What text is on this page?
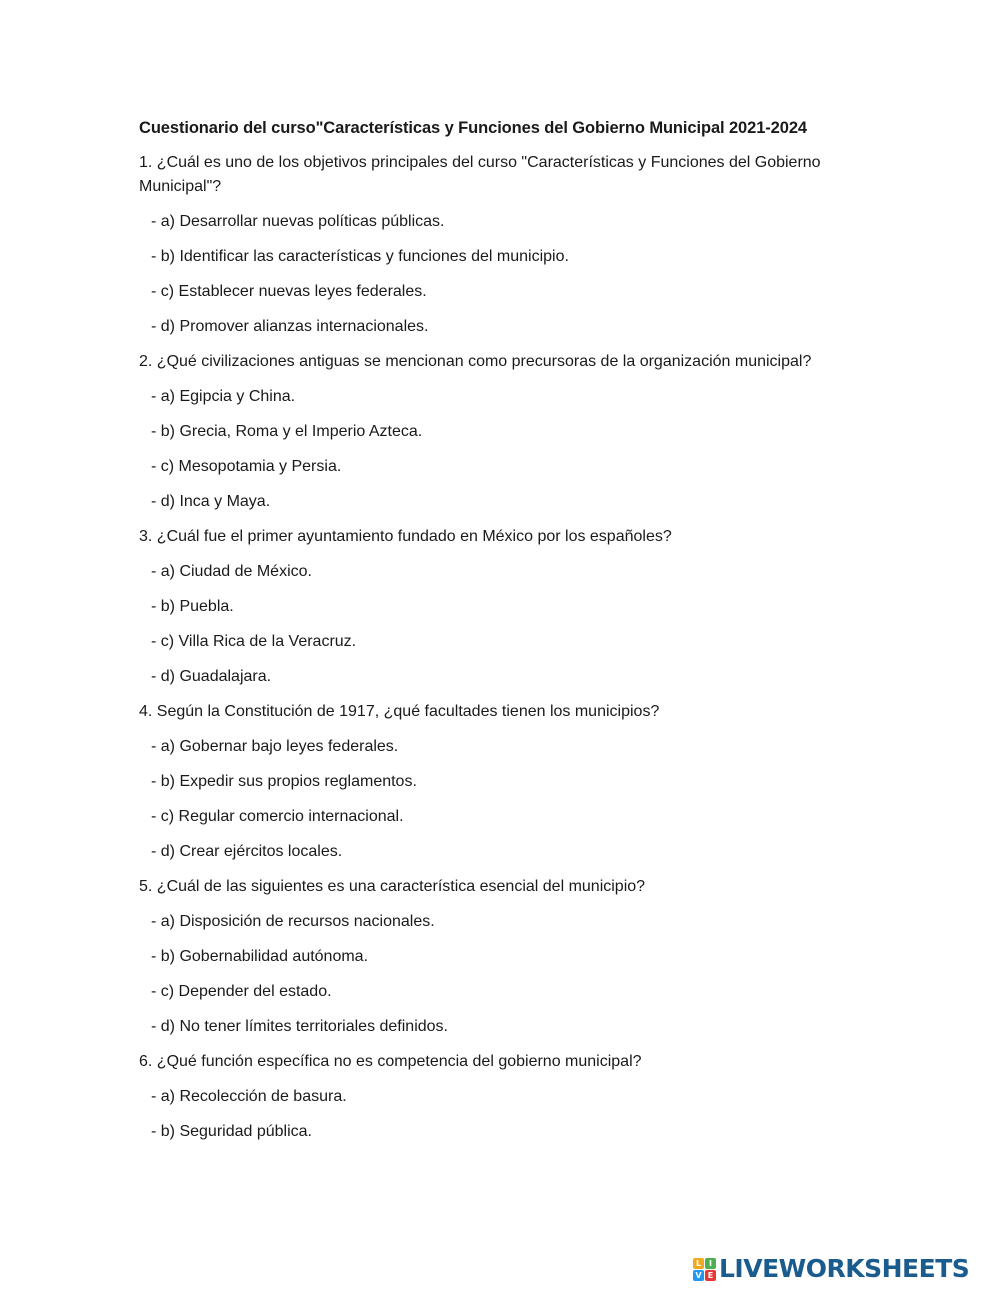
Cuestionario del curso"Características y Funciones del Gobierno Municipal 2021-2024
1. ¿Cuál es uno de los objetivos principales del curso "Características y Funciones del Gobierno Municipal"?
- a) Desarrollar nuevas políticas públicas.
- b) Identificar las características y funciones del municipio.
- c) Establecer nuevas leyes federales.
- d) Promover alianzas internacionales.
2. ¿Qué civilizaciones antiguas se mencionan como precursoras de la organización municipal?
- a) Egipcia y China.
- b) Grecia, Roma y el Imperio Azteca.
- c) Mesopotamia y Persia.
- d) Inca y Maya.
3. ¿Cuál fue el primer ayuntamiento fundado en México por los españoles?
- a) Ciudad de México.
- b) Puebla.
- c) Villa Rica de la Veracruz.
- d) Guadalajara.
4. Según la Constitución de 1917, ¿qué facultades tienen los municipios?
- a) Gobernar bajo leyes federales.
- b) Expedir sus propios reglamentos.
- c) Regular comercio internacional.
- d) Crear ejércitos locales.
5. ¿Cuál de las siguientes es una característica esencial del municipio?
- a) Disposición de recursos nacionales.
- b) Gobernabilidad autónoma.
- c) Depender del estado.
- d) No tener límites territoriales definidos.
6. ¿Qué función específica no es competencia del gobierno municipal?
- a) Recolección de basura.
- b) Seguridad pública.
L I
V E LIVEWORKSHEETS
